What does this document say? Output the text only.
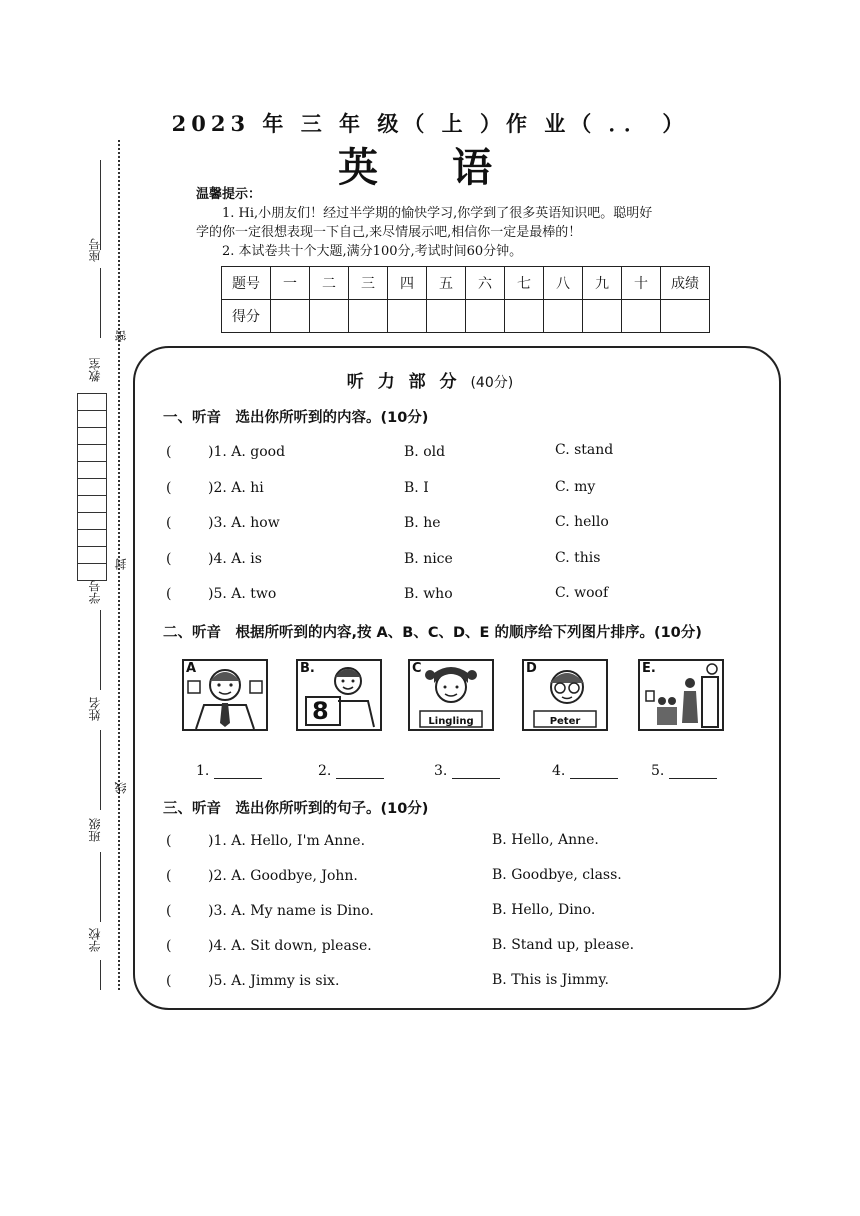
座号
密
教室
封
学号
姓名
线
班级
学校
2023 年 三 年 级（ 上 ）作 业（ ．． ）
英 语
温馨提示：
1. Hi,小朋友们！经过半学期的愉快学习,你学到了很多英语知识吧。聪明好
学的你一定很想表现一下自己,来尽情展示吧,相信你一定是最棒的！
2. 本试卷共十个大题,满分100分,考试时间60分钟。
题号	一	二	三	四	五	六	七	八	九	十	成绩
得分											
听 力 部 分 (40分)
一、听音　选出你所听到的内容。(10分)
(	)1. A. good	B. old	C. stand
(	)2. A. hi	B. I	C. my
(	)3. A. how	B. he	C. hello
(	)4. A. is	B. nice	C. this
(	)5. A. two	B. who	C. woof
二、听音　根据所听到的内容,按 A、B、C、D、E 的顺序给下列图片排序。(10分)
A	B.
8
C
Lingling
D
Peter
E.
1.	2.	3.	4.	5.
三、听音　选出你所听到的句子。(10分)
(	)1. A. Hello, I'm Anne.	B. Hello, Anne.
(	)2. A. Goodbye, John.	B. Goodbye, class.
(	)3. A. My name is Dino.	B. Hello, Dino.
(	)4. A. Sit down, please.	B. Stand up, please.
(	)5. A. Jimmy is six.	B. This is Jimmy.
